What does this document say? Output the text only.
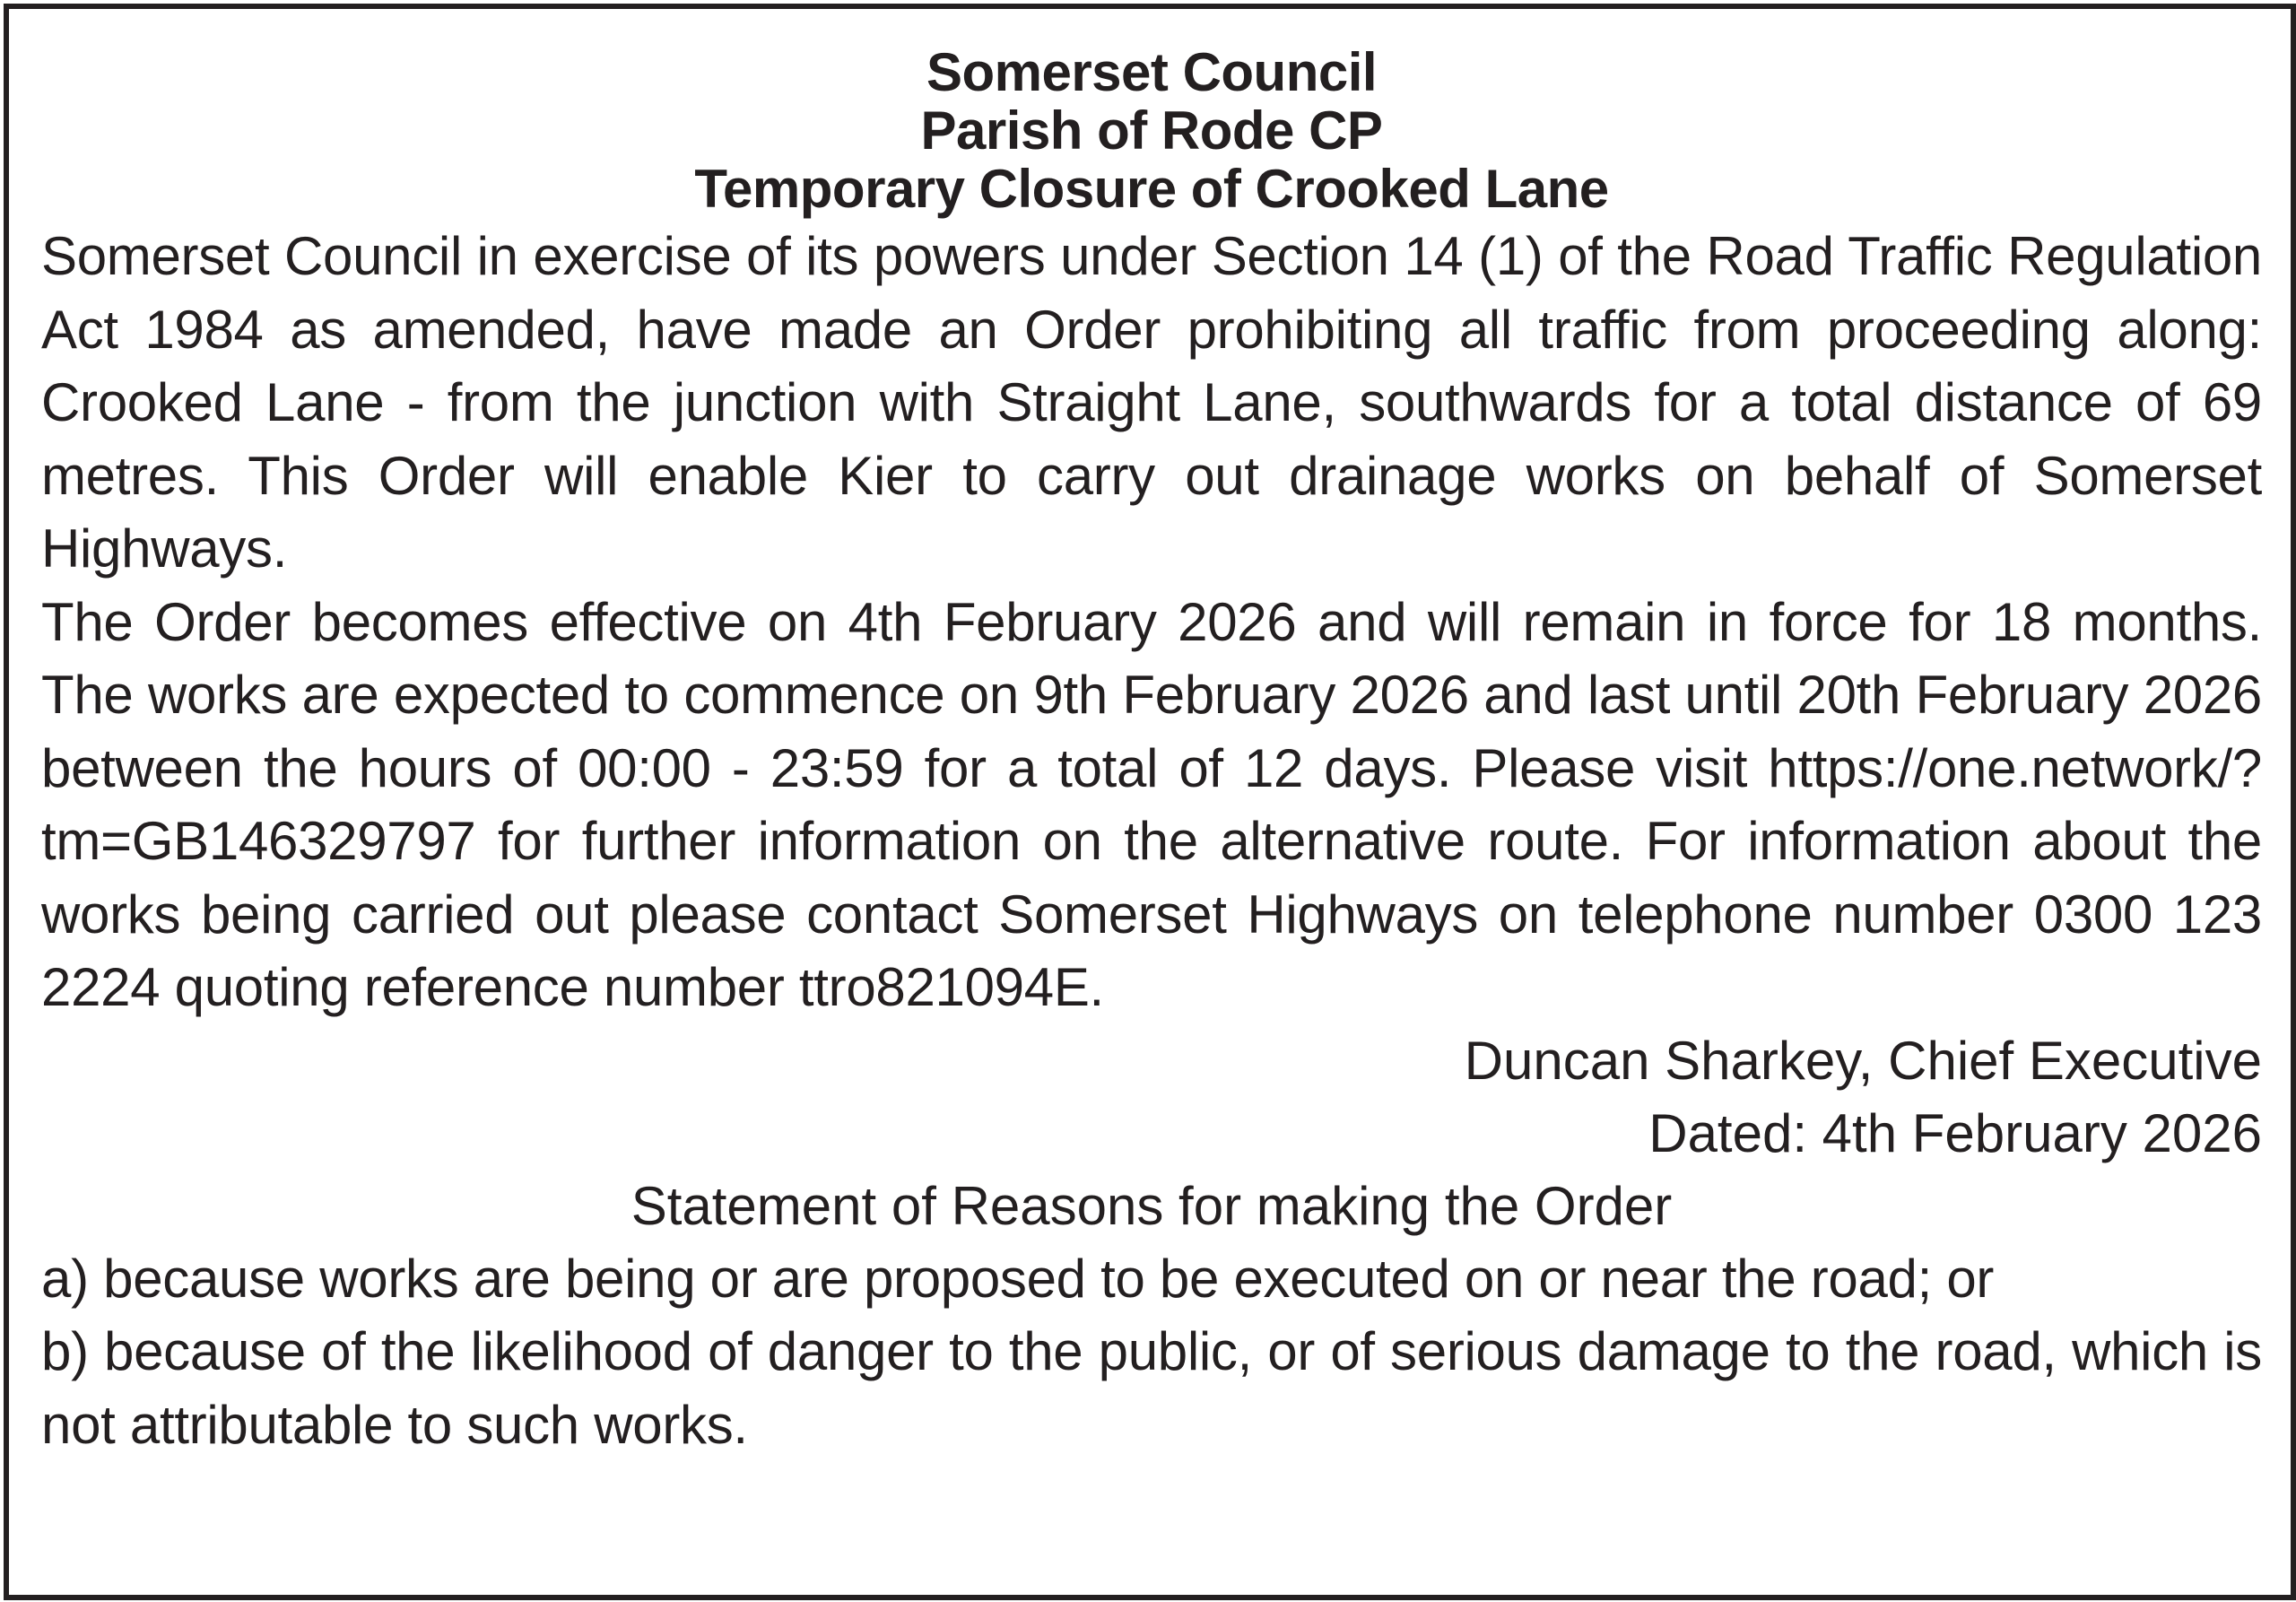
Somerset Council

Parish of Rode CP

Temporary Closure of Crooked Lane

Somerset Council in exercise of its powers under Section 14 (1) of the Road Traffic Regulation Act 1984 as amended, have made an Order prohibiting all traffic from proceeding along: Crooked Lane - from the junction with Straight Lane, southwards for a total distance of 69 metres. This Order will enable Kier to carry out drainage works on behalf of Somerset Highways.

The Order becomes effective on 4th February 2026 and will remain in force for 18 months. The works are expected to commence on 9th February 2026 and last until 20th February 2026 between the hours of 00:00 - 23:59 for a total of 12 days. Please visit https://one.network/?tm=GB146329797 for further information on the alternative route. For information about the works being carried out please contact Somerset Highways on telephone number 0300 123 2224 quoting reference number ttro821094E.

Duncan Sharkey, Chief Executive

Dated: 4th February 2026

Statement of Reasons for making the Order

a) because works are being or are proposed to be executed on or near the road; or

b) because of the likelihood of danger to the public, or of serious damage to the road, which is not attributable to such works.
